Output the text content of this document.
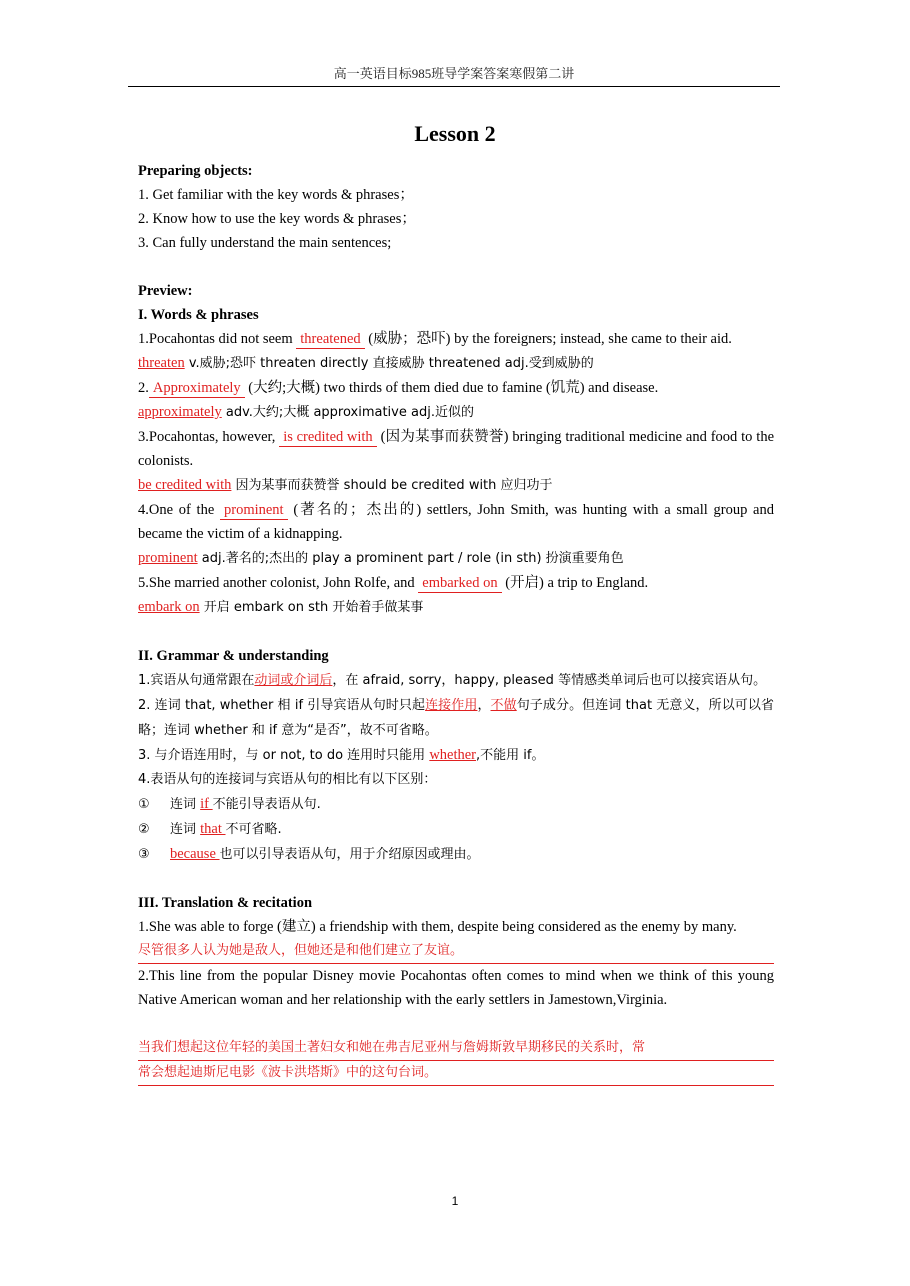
高一英语目标985班导学案答案寒假第二讲
Lesson 2
Preparing objects:
1. Get familiar with the key words & phrases；
2. Know how to use the key words & phrases；
3. Can fully understand the main sentences;
Preview:
I. Words & phrases
1.Pocahontas did not seem threatened (威胁；恐吓) by the foreigners; instead, she came to their aid.
threaten v.威胁;恐吓 threaten directly 直接威胁 threatened adj.受到威胁的
2. Approximately (大约;大概) two thirds of them died due to famine (饥荒) and disease.
approximately adv.大约;大概 approximative adj.近似的
3.Pocahontas, however, is credited with (因为某事而获赞誉) bringing traditional medicine and food to the colonists.
be credited with 因为某事而获赞誉 should be credited with 应归功于
4.One of the prominent (著名的；杰出的) settlers, John Smith, was hunting with a small group and became the victim of a kidnapping.
prominent adj.著名的;杰出的 play a prominent part / role (in sth) 扮演重要角色
5.She married another colonist, John Rolfe, and embarked on (开启) a trip to England.
embark on 开启 embark on sth 开始着手做某事
II. Grammar & understanding
1.宾语从句通常跟在动词或介词后，在 afraid, sorry，happy, pleased 等情感类单词后也可以接宾语从句。
2. 连词 that, whether 相 if 引导宾语从句时只起连接作用，不做句子成分。但连词 that 无意义，所以可以省略；连词 whether 和 if 意为“是否”，故不可省略。
3. 与介语连用时，与 or not, to do 连用时只能用 whether,不能用 if。
4.表语从句的连接词与宾语从句的相比有以下区别：
① 连词 if 不能引导表语从句.
② 连词 that 不可省略.
③ because 也可以引导表语从句，用于介绍原因或理由。
III. Translation & recitation
1.She was able to forge (建立) a friendship with them, despite being considered as the enemy by many.
尽管很多人认为她是敌人，但她还是和他们建立了友谊。
2.This line from the popular Disney movie Pocahontas often comes to mind when we think of this young Native American woman and her relationship with the early settlers in Jamestown,Virginia.
当我们想起这位年轻的美国土著妇女和她在弗吉尼亚州与詹姆斯敦早期移民的关系时，常
常会想起迪斯尼电影《波卡洪塔斯》中的这句台词。
1
